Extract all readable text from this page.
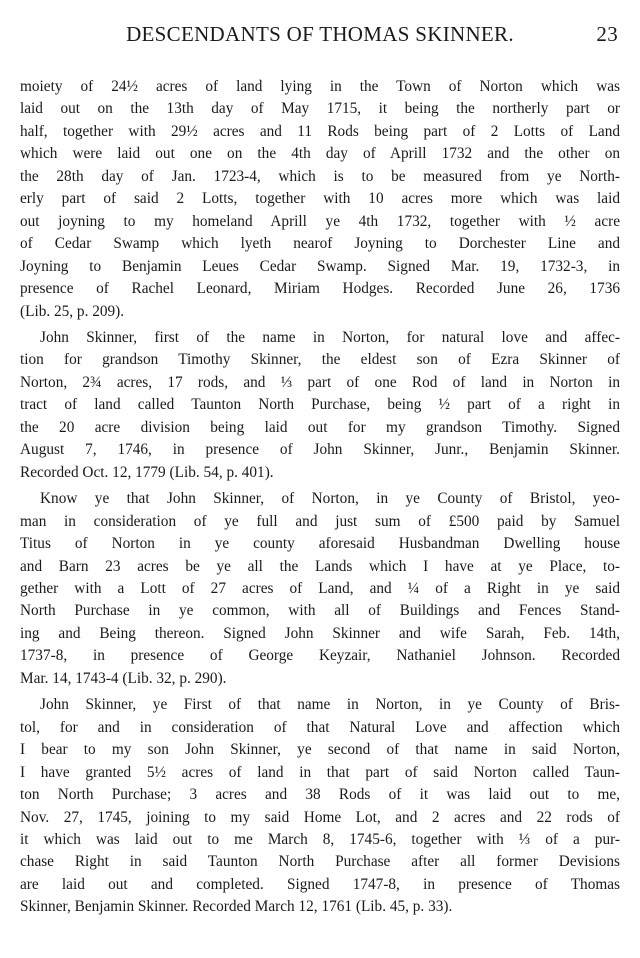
DESCENDANTS OF THOMAS SKINNER.	23

moiety of 24½ acres of land lying in the Town of Norton which was
laid out on the 13th day of May 1715, it being the northerly part or
half, together with 29½ acres and 11 Rods being part of 2 Lotts of Land
which were laid out one on the 4th day of Aprill 1732 and the other on
the 28th day of Jan. 1723-4, which is to be measured from ye North-
erly part of said 2 Lotts, together with 10 acres more which was laid
out joyning to my homeland Aprill ye 4th 1732, together with ½ acre
of Cedar Swamp which lyeth nearof Joyning to Dorchester Line and
Joyning to Benjamin Leues Cedar Swamp. Signed Mar. 19, 1732-3, in
presence of Rachel Leonard, Miriam Hodges. Recorded June 26, 1736
(Lib. 25, p. 209).

John Skinner, first of the name in Norton, for natural love and affec-
tion for grandson Timothy Skinner, the eldest son of Ezra Skinner of
Norton, 2¾ acres, 17 rods, and ⅓ part of one Rod of land in Norton in
tract of land called Taunton North Purchase, being ½ part of a right in
the 20 acre division being laid out for my grandson Timothy. Signed
August 7, 1746, in presence of John Skinner, Junr., Benjamin Skinner.
Recorded Oct. 12, 1779 (Lib. 54, p. 401).

Know ye that John Skinner, of Norton, in ye County of Bristol, yeo-
man in consideration of ye full and just sum of £500 paid by Samuel
Titus of Norton in ye county aforesaid Husbandman Dwelling house
and Barn 23 acres be ye all the Lands which I have at ye Place, to-
gether with a Lott of 27 acres of Land, and ¼ of a Right in ye said
North Purchase in ye common, with all of Buildings and Fences Stand-
ing and Being thereon. Signed John Skinner and wife Sarah, Feb. 14th,
1737-8, in presence of George Keyzair, Nathaniel Johnson. Recorded
Mar. 14, 1743-4 (Lib. 32, p. 290).

John Skinner, ye First of that name in Norton, in ye County of Bris-
tol, for and in consideration of that Natural Love and affection which
I bear to my son John Skinner, ye second of that name in said Norton,
I have granted 5½ acres of land in that part of said Norton called Taun-
ton North Purchase; 3 acres and 38 Rods of it was laid out to me,
Nov. 27, 1745, joining to my said Home Lot, and 2 acres and 22 rods of
it which was laid out to me March 8, 1745-6, together with ⅓ of a pur-
chase Right in said Taunton North Purchase after all former Devisions
are laid out and completed. Signed 1747-8, in presence of Thomas
Skinner, Benjamin Skinner. Recorded March 12, 1761 (Lib. 45, p. 33).
